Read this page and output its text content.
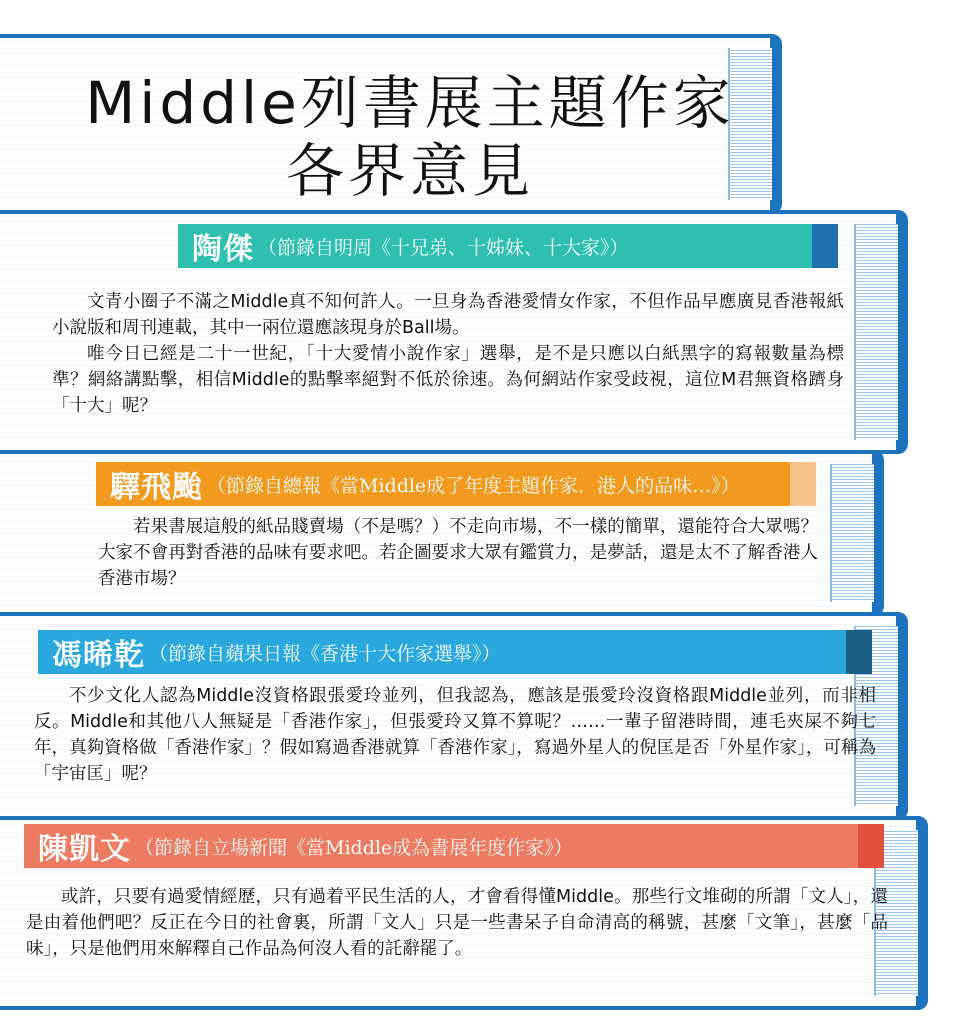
Middle列書展主題作家
各界意見
陶傑 （節錄自明周《十兄弟、十姊妹、十大家》）

文青小圈子不滿之Middle真不知何許人。一旦身為香港愛情女作家，不但作品早應廣見香港報紙小說版和周刊連載，其中一兩位還應該現身於Ball場。

唯今日已經是二十一世紀，「十大愛情小說作家」選舉，是不是只應以白紙黑字的寫報數量為標準？網絡講點擊，相信Middle的點擊率絕對不低於徐速。為何網站作家受歧視，這位M君無資格躋身「十大」呢？

驛飛颱 （節錄自總報《當Middle成了年度主題作家．港人的品味…》）

若果書展這般的紙品賤賣場（不是嗎？）不走向市場，不一樣的簡單，還能符合大眾嗎？大家不會再對香港的品味有要求吧。若企圖要求大眾有鑑賞力，是夢話，還是太不了解香港人香港市場？

馮晞乾 （節錄自蘋果日報《香港十大作家選舉》）

不少文化人認為Middle沒資格跟張愛玲並列，但我認為，應該是張愛玲沒資格跟Middle並列，而非相反。Middle和其他八人無疑是「香港作家」，但張愛玲又算不算呢？……一輩子留港時間，連毛夾屎不夠七年，真夠資格做「香港作家」？假如寫過香港就算「香港作家」，寫過外星人的倪匡是否「外星作家」，可稱為「宇宙匡」呢？

陳凱文 （節錄自立場新聞《當Middle成為書展年度作家》）

或許，只要有過愛情經歷，只有過着平民生活的人，才會看得懂Middle。那些行文堆砌的所謂「文人」，還是由着他們吧？反正在今日的社會裏，所謂「文人」只是一些書呆子自命清高的稱號，甚麼「文筆」，甚麼「品味」，只是他們用來解釋自己作品為何沒人看的託辭罷了。
